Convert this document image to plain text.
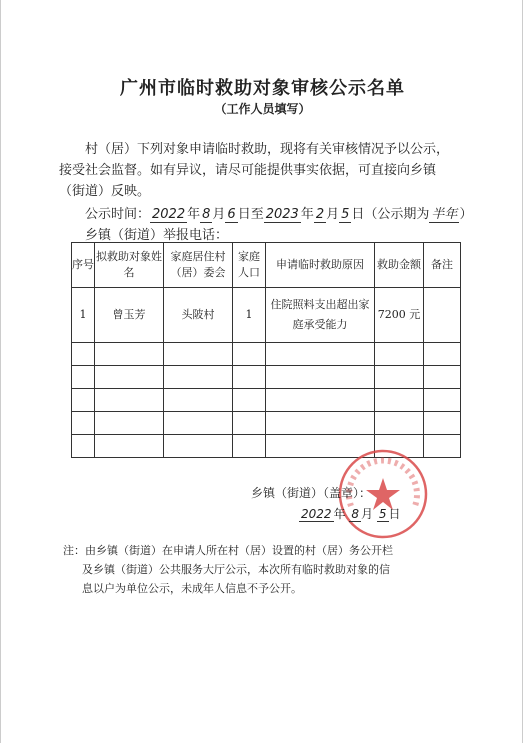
广州市临时救助对象审核公示名单
（工作人员填写）
村（居）下列对象申请临时救助，现将有关审核情况予以公示，
接受社会监督。如有异议，请尽可能提供事实依据，可直接向乡镇
（街道）反映。
公示时间： 2022 年 8 月 6 日至 2023 年 2 月 5 日（公示期为 半年 ）
乡镇（街道）举报电话：
序号	拟救助对象姓名	家庭居住村（居）委会	家庭人口	申请临时救助原因	救助金额	备注
1	曾玉芳	头陂村	1	住院照料支出超出家庭承受能力	7200 元	

乡镇（街道）（盖章）：
2022 年 8 月 5 日
注：由乡镇（街道）在申请人所在村（居）设置的村（居）务公开栏
及乡镇（街道）公共服务大厅公示，本次所有临时救助对象的信
息以户为单位公示，未成年人信息不予公开。
